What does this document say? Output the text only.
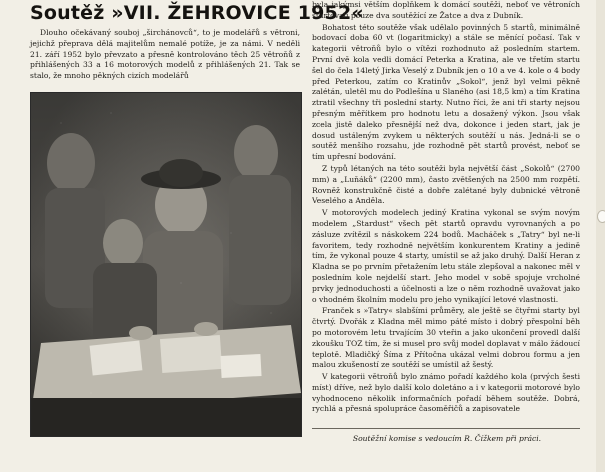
Soutěž »VII. ŽEHROVICE 1952«

Dlouho očekávaný souboj „širchánovců“, to je modelářů s větroni, jejichž přeprava dělá majitelům nemalé potíže, je za námi. V neděli 21. září 1952 bylo převzato a přesně kontrolováno těch 25 větroňů z přihlášených 33 a 16 motorových modelů z přihlášených 21. Tak se stalo, že mnoho pěkných cizích modelářů

byla jakýmsi větším doplňkem k domácí soutěži, neboť ve větroních startovali pouze dva soutěžící ze Žatce a dva z Dubník.

Bohatost této soutěže však udělalo povinných 5 startů, minimálně bodovací doba 60 vt (logaritmicky) a stále se měnící počasí. Tak v kategorii větroňů bylo o vítězi rozhodnuto až posledním startem. První dvě kola vedli domácí Peterka a Kratina, ale ve třetím startu šel do čela 14letý Jirka Veselý z Dubník jen o 10 a ve 4. kole o 4 body před Peterkou, zatím co Kratinův „Sokol“, jenž byl velmi pěkně zalétán, uletěl mu do Podlešína u Slaného (asi 18,5 km) a tím Kratina ztratil všechny tři poslední starty. Nutno říci, že ani tři starty nejsou přesným měřítkem pro hodnotu letu a dosažený výkon. Jsou však zcela jistě daleko přesnější než dva, dokonce i jeden start, jak je dosud ustáleným zvykem u některých soutěží u nás. Jedná-li se o soutěž menšího rozsahu, jde rozhodně pět startů provést, neboť se tím upřesní bodování.

Z typů létaných na této soutěži byla největší část „Sokolů“ (2700 mm) a „Luňáků“ (2200 mm), často zvětšených na 2500 mm rozpětí. Rovněž konstrukčně čisté a dobře zalétané byly dubnické větroně Veselého a Anděla.

V motorových modelech jediný Kratina vykonal se svým novým modelem „Stardust“ všech pět startů opravdu vyrovnaných a po zásluze zvítězil s náskokem 224 bodů. Macháček s „Tatry“ byl ne-li favoritem, tedy rozhodně největším konkurentem Kratiny a jedině tím, že vykonal pouze 4 starty, umístil se až jako druhý. Další Heran z Kladna se po prvním přetažením letu stále zlepšoval a nakonec měl v posledním kole nejdelší start. Jeho model v sobě spojuje vrcholné prvky jednoduchosti a účelnosti a lze o něm rozhodně uvažovat jako o vhodném školním modelu pro jeho vynikající letové vlastnosti.

Franček s »Tatry« slabšími průměry, ale ještě se čtyřmi starty byl čtvrtý. Dvořák z Kladna měl mimo páté místo i dobrý přespolní běh po motorovém letu trvajícím 30 vteřin a jako ukončení provedl další zkoušku TOZ tím, že si musel pro svůj model doplavat v málo žádoucí teplotě. Mladičký Šíma z Přítočna ukázal velmi dobrou formu a jen malou zkušeností ze soutěží se umístil až šestý.

V kategorii větroňů bylo známo pořadí každého kola (prvých šesti míst) dříve, než bylo další kolo doletáno a i v kategorii motorové bylo vyhodnoceno několik informačních pořadí během soutěže. Dobrá, rychlá a přesná spolupráce časoměřičů a zapisovatele

Soutěžní komise s vedoucím R. Čížkem při práci.
